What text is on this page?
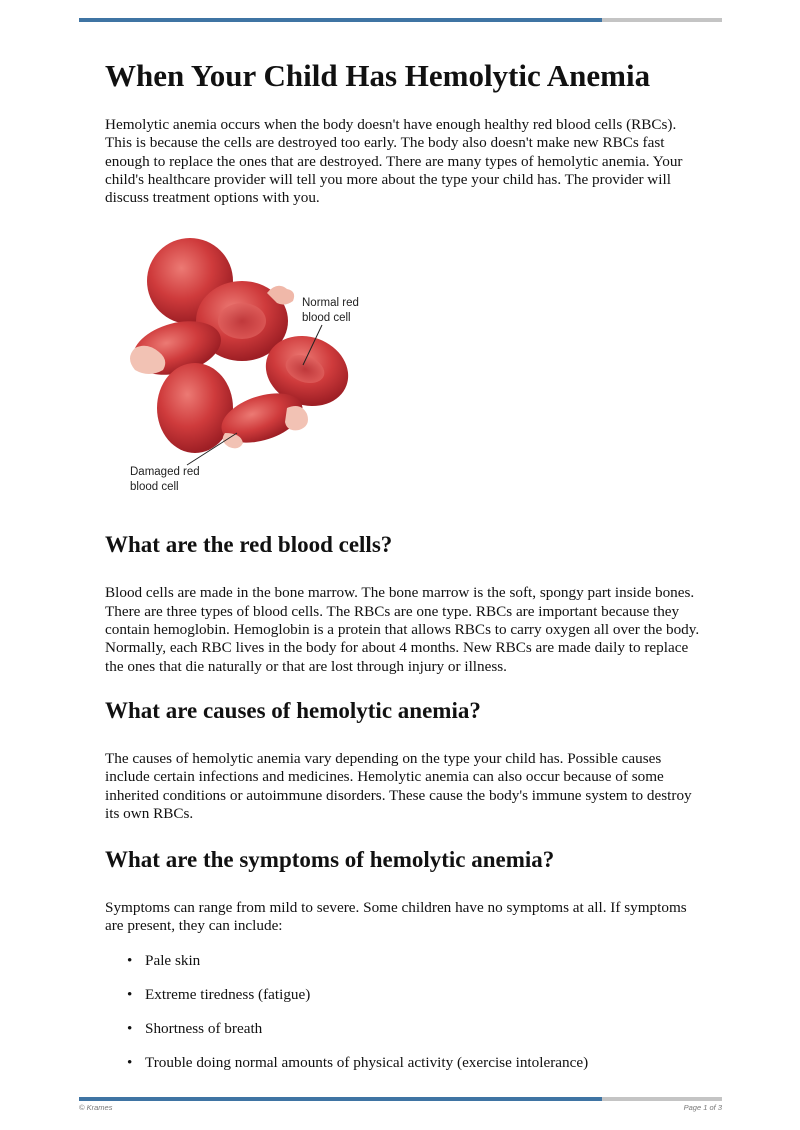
When Your Child Has Hemolytic Anemia

Hemolytic anemia occurs when the body doesn't have enough healthy red blood cells (RBCs). This is because the cells are destroyed too early. The body also doesn't make new RBCs fast enough to replace the ones that are destroyed. There are many types of hemolytic anemia. Your child's healthcare provider will tell you more about the type your child has. The provider will discuss treatment options with you.

Normal red
blood cell
Damaged red
blood cell
What are the red blood cells?

Blood cells are made in the bone marrow. The bone marrow is the soft, spongy part inside bones. There are three types of blood cells. The RBCs are one type. RBCs are important because they contain hemoglobin. Hemoglobin is a protein that allows RBCs to carry oxygen all over the body. Normally, each RBC lives in the body for about 4 months. New RBCs are made daily to replace the ones that die naturally or that are lost through injury or illness.

What are causes of hemolytic anemia?

The causes of hemolytic anemia vary depending on the type your child has. Possible causes include certain infections and medicines. Hemolytic anemia can also occur because of some inherited conditions or autoimmune disorders. These cause the body's immune system to destroy its own RBCs.

What are the symptoms of hemolytic anemia?

Symptoms can range from mild to severe. Some children have no symptoms at all. If symptoms are present, they can include:

• Pale skin
• Extreme tiredness (fatigue)
• Shortness of breath
• Trouble doing normal amounts of physical activity (exercise intolerance)
© Krames	Page 1 of 3
